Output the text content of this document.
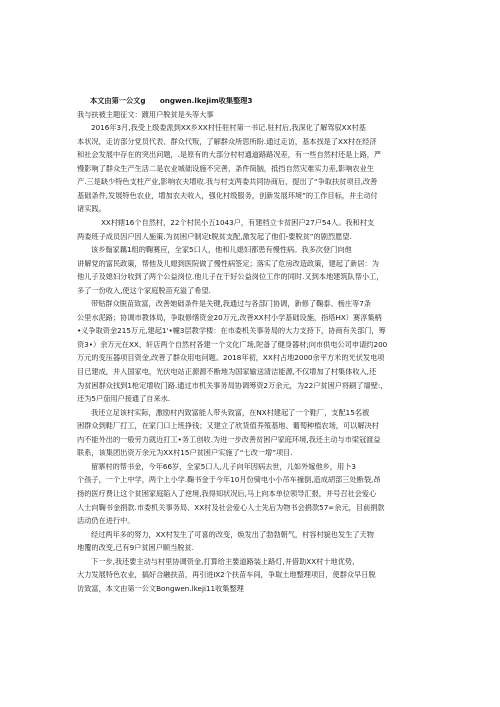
本文由第一公文g　　ongwen.lkejim收集整理3
我与扶被主题征文：踱用户脱贫是头等大事
2016年3月,我受上级委派到XX乡XX村任驻村第一书记.驻村后,我深化了解驾驭XX村基
本状况，走访部分党员代表、群众代叛，了解群众所思所盼.通过走访，基本找是了XX村在经济
和社会发展中存在的突出问题，.是原有的大部分村村通道路路况差，有一些自然村还是上路，严
慢影响了群众生产生活二是农业城础设施不完善，条件简脑，抵挡自然灾难实力差,影响农业生
产.三是缺少特色支柱产业,影响农夫增收.我与村支两委共同协商后，提出了“争取扶贫项目,改善
基础条件,发展特色农业，增加农夫收入，强化村级服务，创新发展环境”的工作目标，并主动付
诸实践。
XX村辖16个自然村，22个村民小五1043户，有建档立卡贫困户27户54人。我和村支
两委班子成员因户因人施策.为贫困户制定t脱贫支配,激发起了他们-要脱贫”的剧烈愿望.
该乡翰家藕1组的鞠赛应，全家5口人，他和儿媳妇都患有慢性病。我多次登门向他
讲解党的富民政策，帮他及儿媳到医院做了慢性病签定；落实了危房改造政策，建起了新居：为
他儿子及媳妇分收到了两个公益岗位.他儿子在干好公益岗位工作的同时.又到本地建筑队帮小工，
多了一份收入,使这个家庭脱苗充溢了希望.
带贴群众脱苗致富，改善她础条件是关键,我通过与各部门协调，新修了鞠泰、杨庄等7条
公里水泥路；协调市教体局，争取修缮资金20万元,改善XX村小学基础设施，指塔HX）赛淳集柄
•义争取资金215万元,建起1'•幢3层教学楼：在市委机关事务局的大力支持下，协商有关部门，筹
资3•）余万元在XX、轩店两个自然村各建一个文化广场,陀备了健身器材;向市供电公司申请约200
万元的变压器项目资金,改善了群众用电问题。2018年初，XX村占地2000余平方米的光伏发电项
目已建成，并入国家电，光伏电站正源源不断地为国家输送清洁能源,不仅增加了村集体收入,还
为贫困群众找到1枪定增收门路.通过市机关事务局协调筹资2万余元，为22户贫困户将刷了墙壁:，
还为5户茄用户接通了自来水.
我还立足该村实际，激励村内致富能人带头致富，在NX村建起了一个鞋厂，支配15名被
困群众到鞋厂打工，在家门口上班挣钱；又建立了欣货值养殖基地、葡萄种植农场，可以解决村
内不能外出的一般劳力就近打工•务工创收.为进一步改善贫困户家庭环境,我还主动与市梁冠渡益
联系，该集团出资万余元为XX村15户贫困户实施了“七改一增”项目.
留寨村的帮书金，今年66岁，全家5口人,儿子向年因病去世，儿如外嫁他乡，用卜3
个孩子，一个上中学，两个上小学.鞠书金于今年10月份骑电小小吊车撞倒,造成胡部三处断裂,昂
扬的医疗费让这个贫困家庭陷入了逆境,我得知状况后,马上向本单位领导汇报，并号召社会爱心
人士向鞠书金捐款.市委机关事务局、XX村及社会爱心人士先后为物书会捐款57∞余元，目前捐款
活动仍在进行中。
经过两年多的努力，XX村发生了可喜的改变，焕发出了勃勃朝气，村容村貌也发生了天物
地覆的改变,已有9户贫困户顺当脱贫.
下一步,我还要主动与村里协调资金,打算给主要道路装上路灯,并借助XX村十地优势,
大力发展特色农业，搞好合融扶苗，再引进Ⅸ2个扶苗车间，争取土地整理项目，使群众早日脱
访致富，本文由第一公文Bongwen.lkeji11收集整理
